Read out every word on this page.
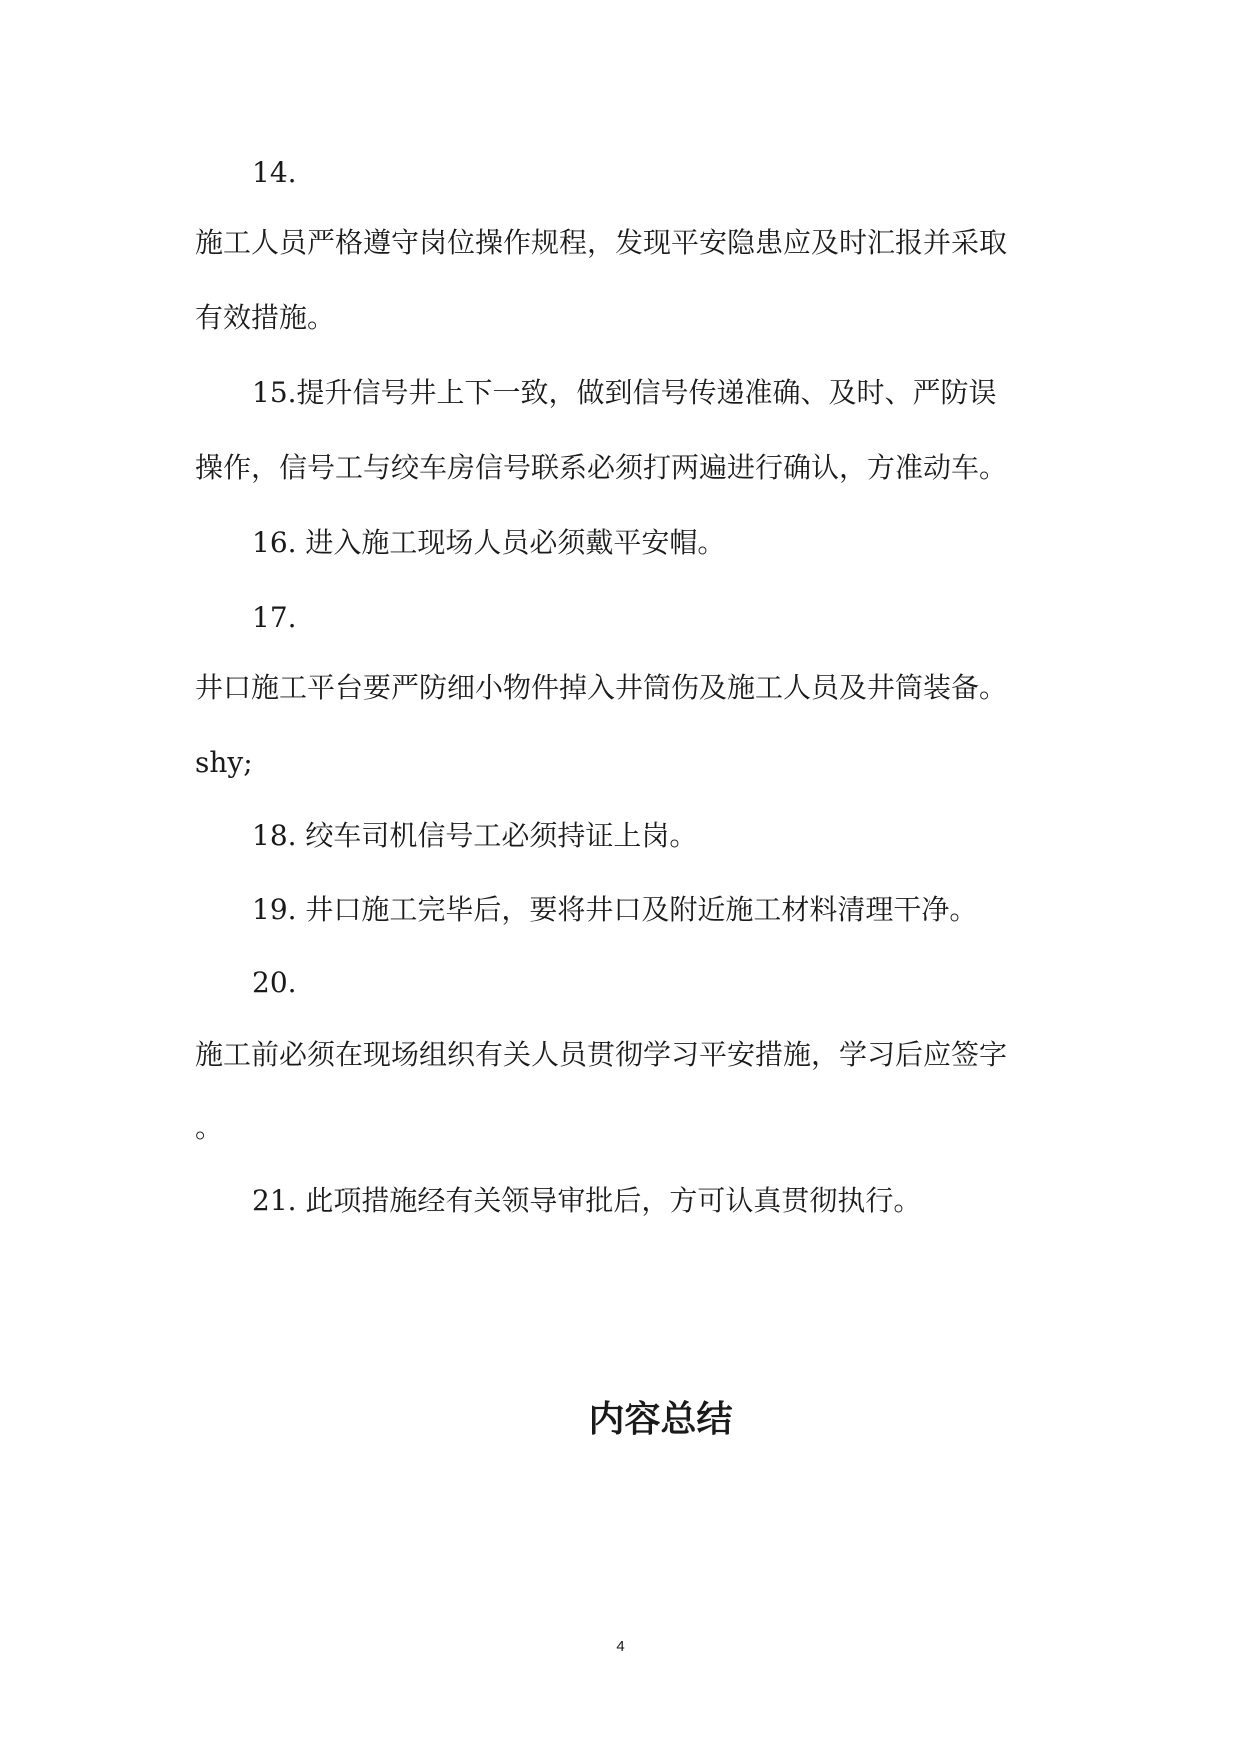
14.
施工人员严格遵守岗位操作规程，发现平安隐患应及时汇报并采取
有效措施。
15.提升信号井上下一致，做到信号传递准确、及时、严防误
操作，信号工与绞车房信号联系必须打两遍进行确认，方准动车。
16. 进入施工现场人员必须戴平安帽。
17.
井口施工平台要严防细小物件掉入井筒伤及施工人员及井筒装备。
shy;
18. 绞车司机信号工必须持证上岗。
19. 井口施工完毕后，要将井口及附近施工材料清理干净。
20.
施工前必须在现场组织有关人员贯彻学习平安措施，学习后应签字
。
21. 此项措施经有关领导审批后，方可认真贯彻执行。
内容总结
4
